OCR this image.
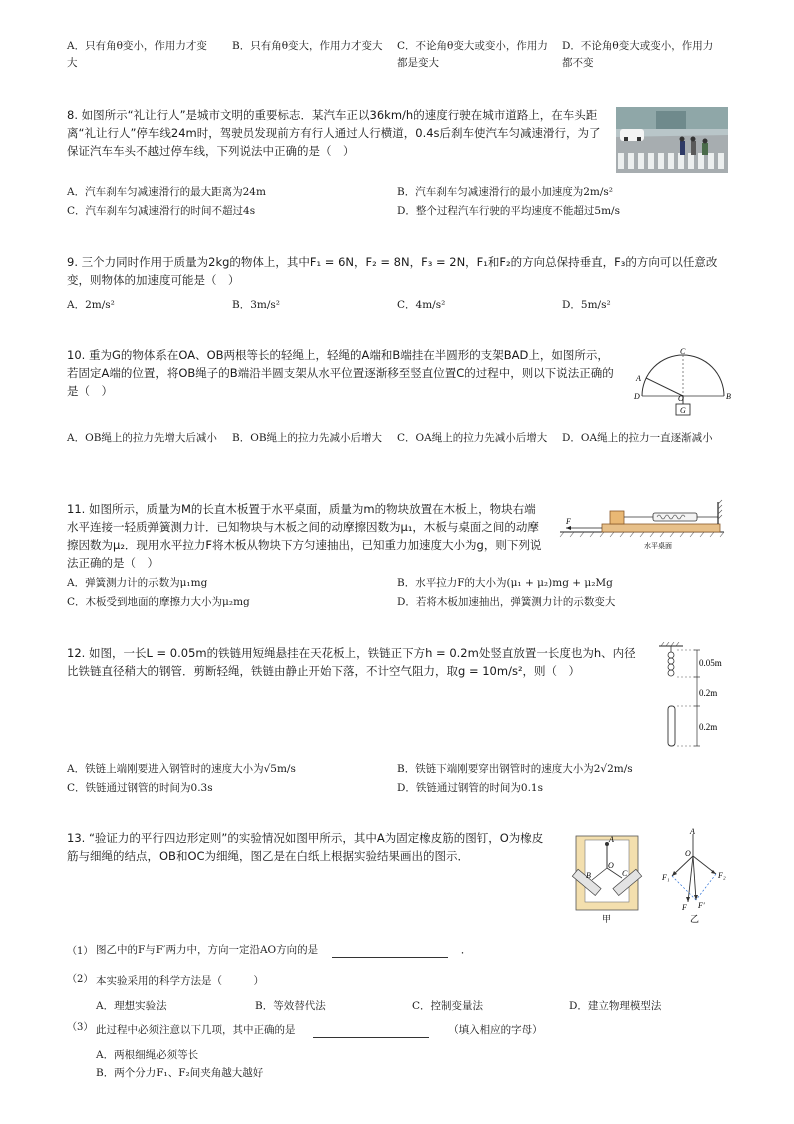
A．只有角θ变小，作用力才变大
B．只有角θ变大，作用力才变大 C．不论角θ变大或变小，作用力都是变大
D．不论角θ变大或变小，作用力都不变
8. 如图所示“礼让行人”是城市文明的重要标志．某汽车正以36km/h的速度行驶在城市道路上，在车头距离“礼让行人”停车线24m时，驾驶员发现前方有行人通过人行横道，0.4s后刹车使汽车匀减速滑行，为了保证汽车车头不越过停车线，下列说法中正确的是（　）
A．汽车刹车匀减速滑行的最大距离为24m	B．汽车刹车匀减速滑行的最小加速度为2m/s²
C．汽车刹车匀减速滑行的时间不超过4s	D．整个过程汽车行驶的平均速度不能超过5m/s
9. 三个力同时作用于质量为2kg的物体上，其中F₁ = 6N，F₂ = 8N，F₃ = 2N，F₁和F₂的方向总保持垂直，F₃的方向可以任意改变，则物体的加速度可能是（　）
A．2m/s²	B．3m/s²	C．4m/s²	D．5m/s²
10. 重为G的物体系在OA、OB两根等长的轻绳上，轻绳的A端和B端挂在半圆形的支架BAD上，如图所示，若固定A端的位置，将OB绳子的B端沿半圆支架从水平位置逐渐移至竖直位置C的过程中，则以下说法正确的是（　）
C
A
D	O	B
G
A．OB绳上的拉力先增大后减小 B．OB绳上的拉力先减小后增大 C．OA绳上的拉力先减小后增大 D．OA绳上的拉力一直逐渐减小
11. 如图所示，质量为M的长直木板置于水平桌面，质量为m的物块放置在木板上，物块右端水平连接一轻质弹簧测力计．已知物块与木板之间的动摩擦因数为μ₁，木板与桌面之间的动摩擦因数为μ₂．现用水平拉力F将木板从物块下方匀速抽出，已知重力加速度大小为g，则下列说法正确的是（　）
F
水平桌面
A．弹簧测力计的示数为μ₁mg	B．水平拉力F的大小为(μ₁ + μ₂)mg + μ₂Mg
C．木板受到地面的摩擦力大小为μ₂mg	D．若将木板加速抽出，弹簧测力计的示数变大
12. 如图，一长L = 0.05m的铁链用短绳悬挂在天花板上，铁链正下方h = 0.2m处竖直放置一长度也为h、内径比铁链直径稍大的钢管．剪断轻绳，铁链由静止开始下落，不计空气阻力，取g = 10m/s²，则（　）
0.05m
0.2m
0.2m
A．铁链上端刚要进入钢管时的速度大小为√5m/s	B．铁链下端刚要穿出钢管时的速度大小为2√2m/s
C．铁链通过钢管的时间为0.3s	D．铁链通过钢管的时间为0.1s
13. “验证力的平行四边形定则”的实验情况如图甲所示，其中A为固定橡皮筋的图钉，O为橡皮筋与细绳的结点，OB和OC为细绳，图乙是在白纸上根据实验结果画出的图示．
A
O
B	C
甲
A
O
F₁	F₂
F F′
乙
（1） 图乙中的F与F′两力中，方向一定沿AO方向的是	．
（2） 本实验采用的科学方法是（　　　）
A．理想实验法	B．等效替代法	C．控制变量法	D．建立物理模型法
（3） 此过程中必须注意以下几项，其中正确的是	（填入相应的字母）
A．两根细绳必须等长
B．两个分力F₁、F₂间夹角越大越好
